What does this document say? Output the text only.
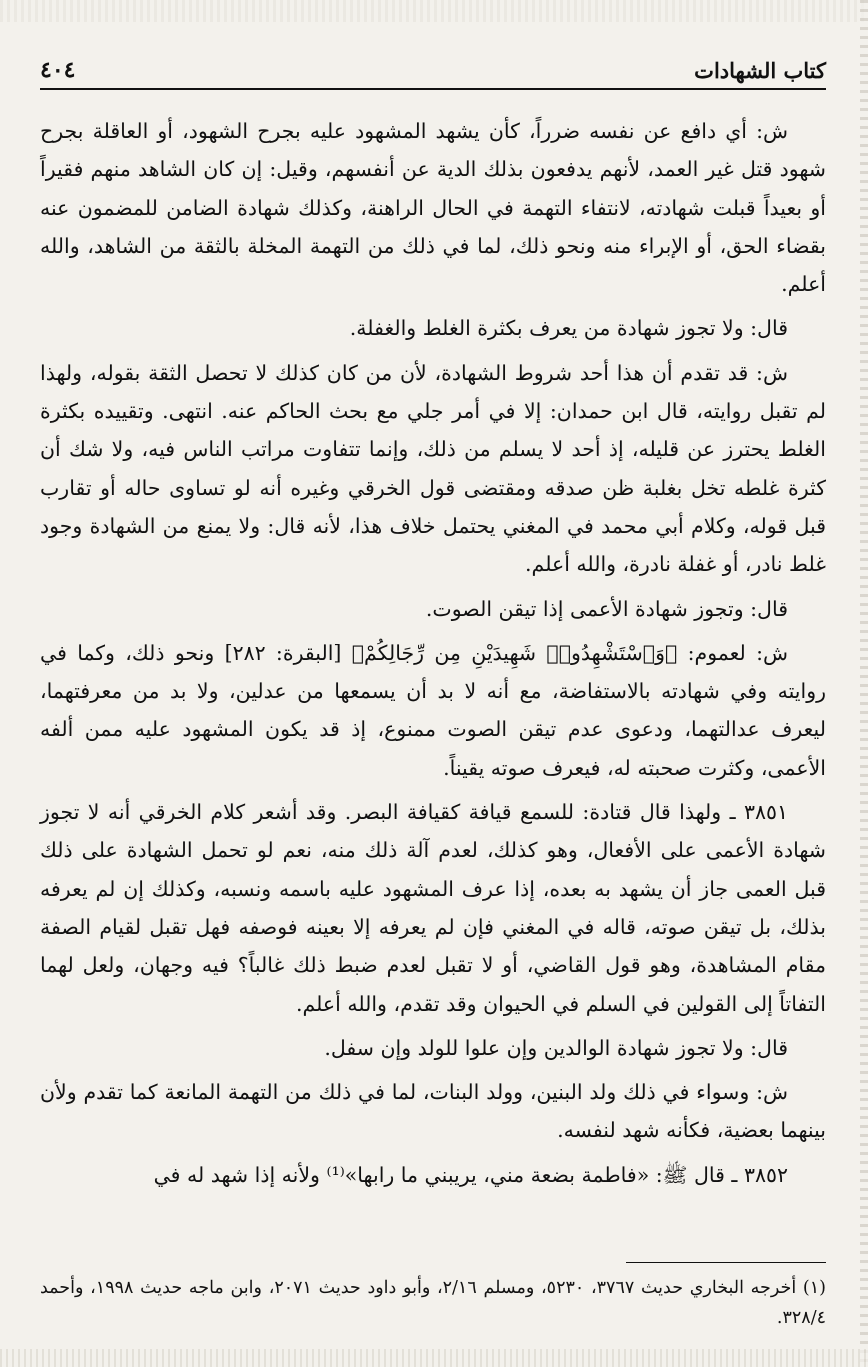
كتاب الشهادات
٤٠٤

ش: أي دافع عن نفسه ضرراً، كأن يشهد المشهود عليه بجرح الشهود، أو العاقلة بجرح شهود قتل غير العمد، لأنهم يدفعون بذلك الدية عن أنفسهم، وقيل: إن كان الشاهد منهم فقيراً أو بعيداً قبلت شهادته، لانتفاء التهمة في الحال الراهنة، وكذلك شهادة الضامن للمضمون عنه بقضاء الحق، أو الإبراء منه ونحو ذلك، لما في ذلك من التهمة المخلة بالثقة من الشاهد، والله أعلم.

قال: ولا تجوز شهادة من يعرف بكثرة الغلط والغفلة.

ش: قد تقدم أن هذا أحد شروط الشهادة، لأن من كان كذلك لا تحصل الثقة بقوله، ولهذا لم تقبل روايته، قال ابن حمدان: إلا في أمر جلي مع بحث الحاكم عنه. انتهى. وتقييده بكثرة الغلط يحترز عن قليله، إذ أحد لا يسلم من ذلك، وإنما تتفاوت مراتب الناس فيه، ولا شك أن كثرة غلطه تخل بغلبة ظن صدقه ومقتضى قول الخرقي وغيره أنه لو تساوى حاله أو تقارب قبل قوله، وكلام أبي محمد في المغني يحتمل خلاف هذا، لأنه قال: ولا يمنع من الشهادة وجود غلط نادر، أو غفلة نادرة، والله أعلم.

قال: وتجوز شهادة الأعمى إذا تيقن الصوت.

ش: لعموم: ﴿وَٱسْتَشْهِدُوا۟ شَهِيدَيْنِ مِن رِّجَالِكُمْ﴾ [البقرة: ٢٨٢] ونحو ذلك، وكما في روايته وفي شهادته بالاستفاضة، مع أنه لا بد أن يسمعها من عدلين، ولا بد من معرفتهما، ليعرف عدالتهما، ودعوى عدم تيقن الصوت ممنوع، إذ قد يكون المشهود عليه ممن ألفه الأعمى، وكثرت صحبته له، فيعرف صوته يقيناً.

٣٨٥١ ـ ولهذا قال قتادة: للسمع قيافة كقيافة البصر. وقد أشعر كلام الخرقي أنه لا تجوز شهادة الأعمى على الأفعال، وهو كذلك، لعدم آلة ذلك منه، نعم لو تحمل الشهادة على ذلك قبل العمى جاز أن يشهد به بعده، إذا عرف المشهود عليه باسمه ونسبه، وكذلك إن لم يعرفه بذلك، بل تيقن صوته، قاله في المغني فإن لم يعرفه إلا بعينه فوصفه فهل تقبل لقيام الصفة مقام المشاهدة، وهو قول القاضي، أو لا تقبل لعدم ضبط ذلك غالباً؟ فيه وجهان، ولعل لهما التفاتاً إلى القولين في السلم في الحيوان وقد تقدم، والله أعلم.

قال: ولا تجوز شهادة الوالدين وإن علوا للولد وإن سفل.

ش: وسواء في ذلك ولد البنين، وولد البنات، لما في ذلك من التهمة المانعة كما تقدم ولأن بينهما بعضية، فكأنه شهد لنفسه.

٣٨٥٢ ـ قال ﷺ: «فاطمة بضعة مني، يريبني ما رابها»⁽¹⁾ ولأنه إذا شهد له في

(١) أخرجه البخاري حديث ٣٧٦٧، ٥٢٣٠، ومسلم ٢/١٦، وأبو داود حديث ٢٠٧١، وابن ماجه حديث ١٩٩٨، وأحمد ٣٢٨/٤.
